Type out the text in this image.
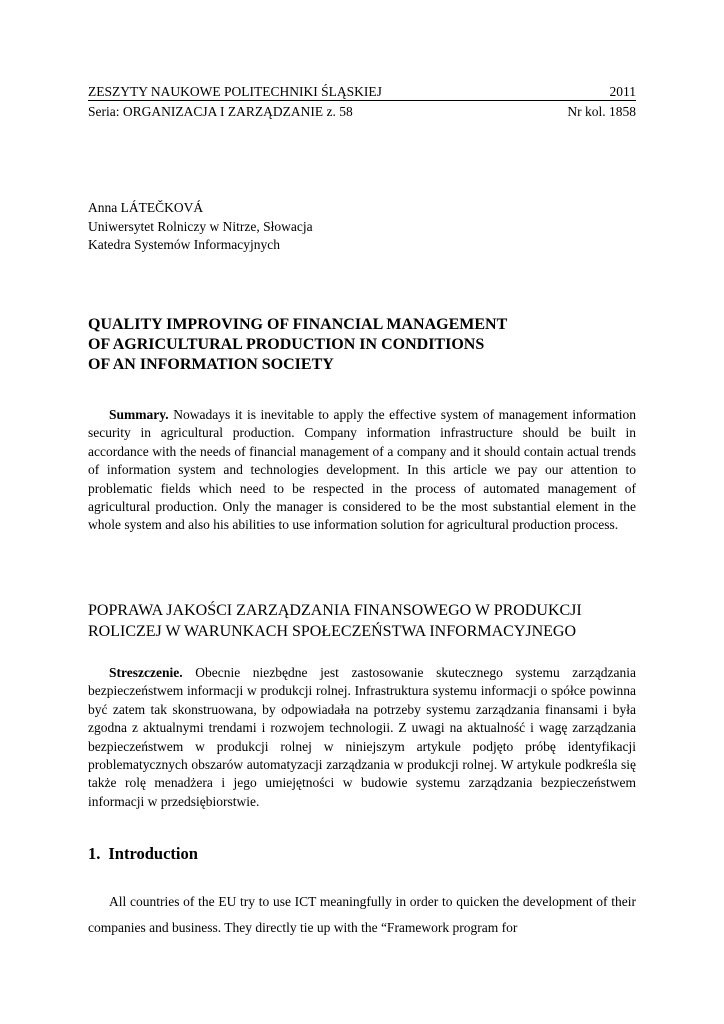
ZESZYTY NAUKOWE POLITECHNIKI ŚLĄSKIEJ	2011
Seria: ORGANIZACJA I ZARZĄDZANIE z. 58	Nr kol. 1858
Anna LÁTEČKOVÁ
Uniwersytet Rolniczy w Nitrze, Słowacja
Katedra Systemów Informacyjnych
QUALITY IMPROVING OF FINANCIAL MANAGEMENT
OF AGRICULTURAL PRODUCTION IN CONDITIONS
OF AN INFORMATION SOCIETY

Summary. Nowadays it is inevitable to apply the effective system of management information security in agricultural production. Company information infrastructure should be built in accordance with the needs of financial management of a company and it should contain actual trends of information system and technologies development. In this article we pay our attention to problematic fields which need to be respected in the process of automated management of agricultural production. Only the manager is considered to be the most substantial element in the whole system and also his abilities to use information solution for agricultural production process.

POPRAWA JAKOŚCI ZARZĄDZANIA FINANSOWEGO W PRODUKCJI
ROLICZEJ W WARUNKACH SPOŁECZEŃSTWA INFORMACYJNEGO

Streszczenie. Obecnie niezbędne jest zastosowanie skutecznego systemu zarządzania bezpieczeństwem informacji w produkcji rolnej. Infrastruktura systemu informacji o spółce powinna być zatem tak skonstruowana, by odpowiadała na potrzeby systemu zarządzania finansami i była zgodna z aktualnymi trendami i rozwojem technologii. Z uwagi na aktualność i wagę zarządzania bezpieczeństwem w produkcji rolnej w niniejszym artykule podjęto próbę identyfikacji problematycznych obszarów automatyzacji zarządzania w produkcji rolnej. W artykule podkreśla się także rolę menadżera i jego umiejętności w budowie systemu zarządzania bezpieczeństwem informacji w przedsiębiorstwie.

1. Introduction

All countries of the EU try to use ICT meaningfully in order to quicken the development of their companies and business. They directly tie up with the “Framework program for
